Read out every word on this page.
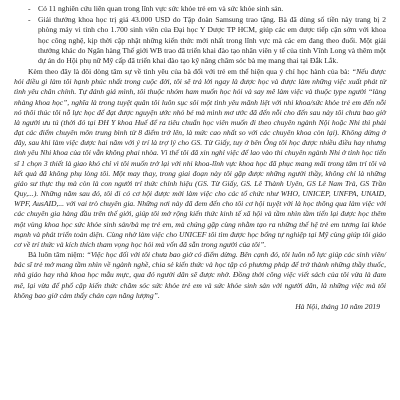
- Có 11 nghiên cứu liên quan trong lĩnh vực sức khỏe trẻ em và sức khỏe sinh sản.
- Giải thưởng khoa học trị giá 43.000 USD do Tập đoàn Samsung trao tặng. Bà đã dùng số tiền này trang bị 2 phòng máy vi tính cho 1.700 sinh viên của Đại học Y Dược TP HCM, giúp các em được tiếp cận sớm với khoa học công nghệ, kịp thời cập nhật những kiến thức mới nhất trong lĩnh vực mà các em đang theo đuổi. Một giải thưởng khác do Ngân hàng Thế giới WB trao đã triển khai đào tạo nhân viên y tế của tỉnh Vĩnh Long và thêm một dự án do Hội phụ nữ Mỹ cấp đã triển khai đào tạo kỹ năng chăm sóc bà mẹ mang thai tại Đắk Lắk.

Kèm theo đây là đôi dòng tâm sự về tình yêu của bà đối với trẻ em thể hiện qua ý chí học hành của bà: “Nếu được hỏi điều gì làm tôi hạnh phúc nhất trong cuộc đời, tôi sẽ trả lời ngay là được học và được làm những việc xuất phát từ tình yêu chân chính. Tự đánh giá mình, tôi thuộc nhóm ham muốn học hỏi và say mê làm việc và thuộc type người “làng nhàng khoa học”, nghĩa là trong tuyệt quân tôi luôn sục sôi một tình yêu mãnh liệt với nhi khoa/sức khỏe trẻ em đến nỗi nó thôi thúc tôi nỗ lực học để đạt được nguyện ước nhỏ bé mà mình mơ ước đã đến nỗi cho đến sau này tôi chưa bao giờ là người ưu tú (thời đó tại ĐH Y khoa Huế để ra tiêu chuẩn học viên muốn đi theo chuyên ngành Nội hoặc Nhi thì phải đạt các điểm chuyên môn trung bình từ 8 điểm trở lên, là mức cao nhất so với các chuyên khoa còn lại). Không dừng ở đây, sau khi làm việc được hai năm với ý trí là trợ lý cho GS. Từ Giấy, tuy ở bên Ông tôi học được nhiều điều hay nhưng tình yêu Nhi khoa của tôi vẫn không phai nhòa. Vì thế tôi đã xin nghỉ việc để lao vào thi chuyên ngành Nhi ở tỉnh học tiến sĩ 1 chọn 3 thiết là giao khó chỉ vì tôi muốn trở lại với nhi khoa-lĩnh vực khoa học đã phục mang mãi trong tâm trí tôi và kết quả đã không phụ lòng tôi. Một may thay, trong giai đoạn này tôi gặp được những người thầy, không chỉ là những giáo sư thực thụ mà còn là con người trí thức chính hiệu (GS. Từ Giấy, GS. Lê Thành Uyên, GS Lê Nam Trà, GS Trần Quy,...). Những năm sau đó, tôi đi có cơ hội được mời làm việc cho các tổ chức như WHO, UNICEP, UNFPA, UNAID, WPF, AusAID,... với vai trò chuyên gia. Những nơi này đã đem đến cho tôi cơ hội tuyệt vời là học thông qua làm việc với các chuyên gia hàng đầu trên thế giới, giúp tôi mở rộng kiến thức kinh tế xã hội và tầm nhìn tầm tiến lại được học thêm một vùng khoa học sức khỏe sinh sản/bà mẹ trẻ em, mà chúng gặp cùng nhằm tạo ra những thế hệ trẻ em tương lai khỏe mạnh và phát triển toàn diện. Cùng nhờ làm việc cho UNICEF tôi tìm được học bổng tự nghiệp tại Mỹ cùng giúp tôi giáo cơ về trí thức và kích thích tham vọng học hỏi mà vốn đã sẵn trong người của tôi”.

Bà luôn tâm niệm: “Việc học đối với tôi chưa bao giờ có điểm dừng. Bên cạnh đó, tôi luôn nỗ lực giúp các sinh viên/ bác sĩ trẻ mở mang tầm nhìn về ngành nghề, chia sẻ kiến thức và học tập có phương pháp để trở thành những thầy thuốc, nhà giáo hay nhà khoa học mẫu mực, qua đó người dân sẽ được nhờ. Đồng thời công việc viết sách của tôi vừa là đam mê, lại vừa để phổ cập kiến thức chăm sóc sức khỏe trẻ em và sức khỏe sinh sản với người dân, là những việc mà tôi không bao giờ cảm thấy chán cạn năng lượng”.

Hà Nội, tháng 10 năm 2019
